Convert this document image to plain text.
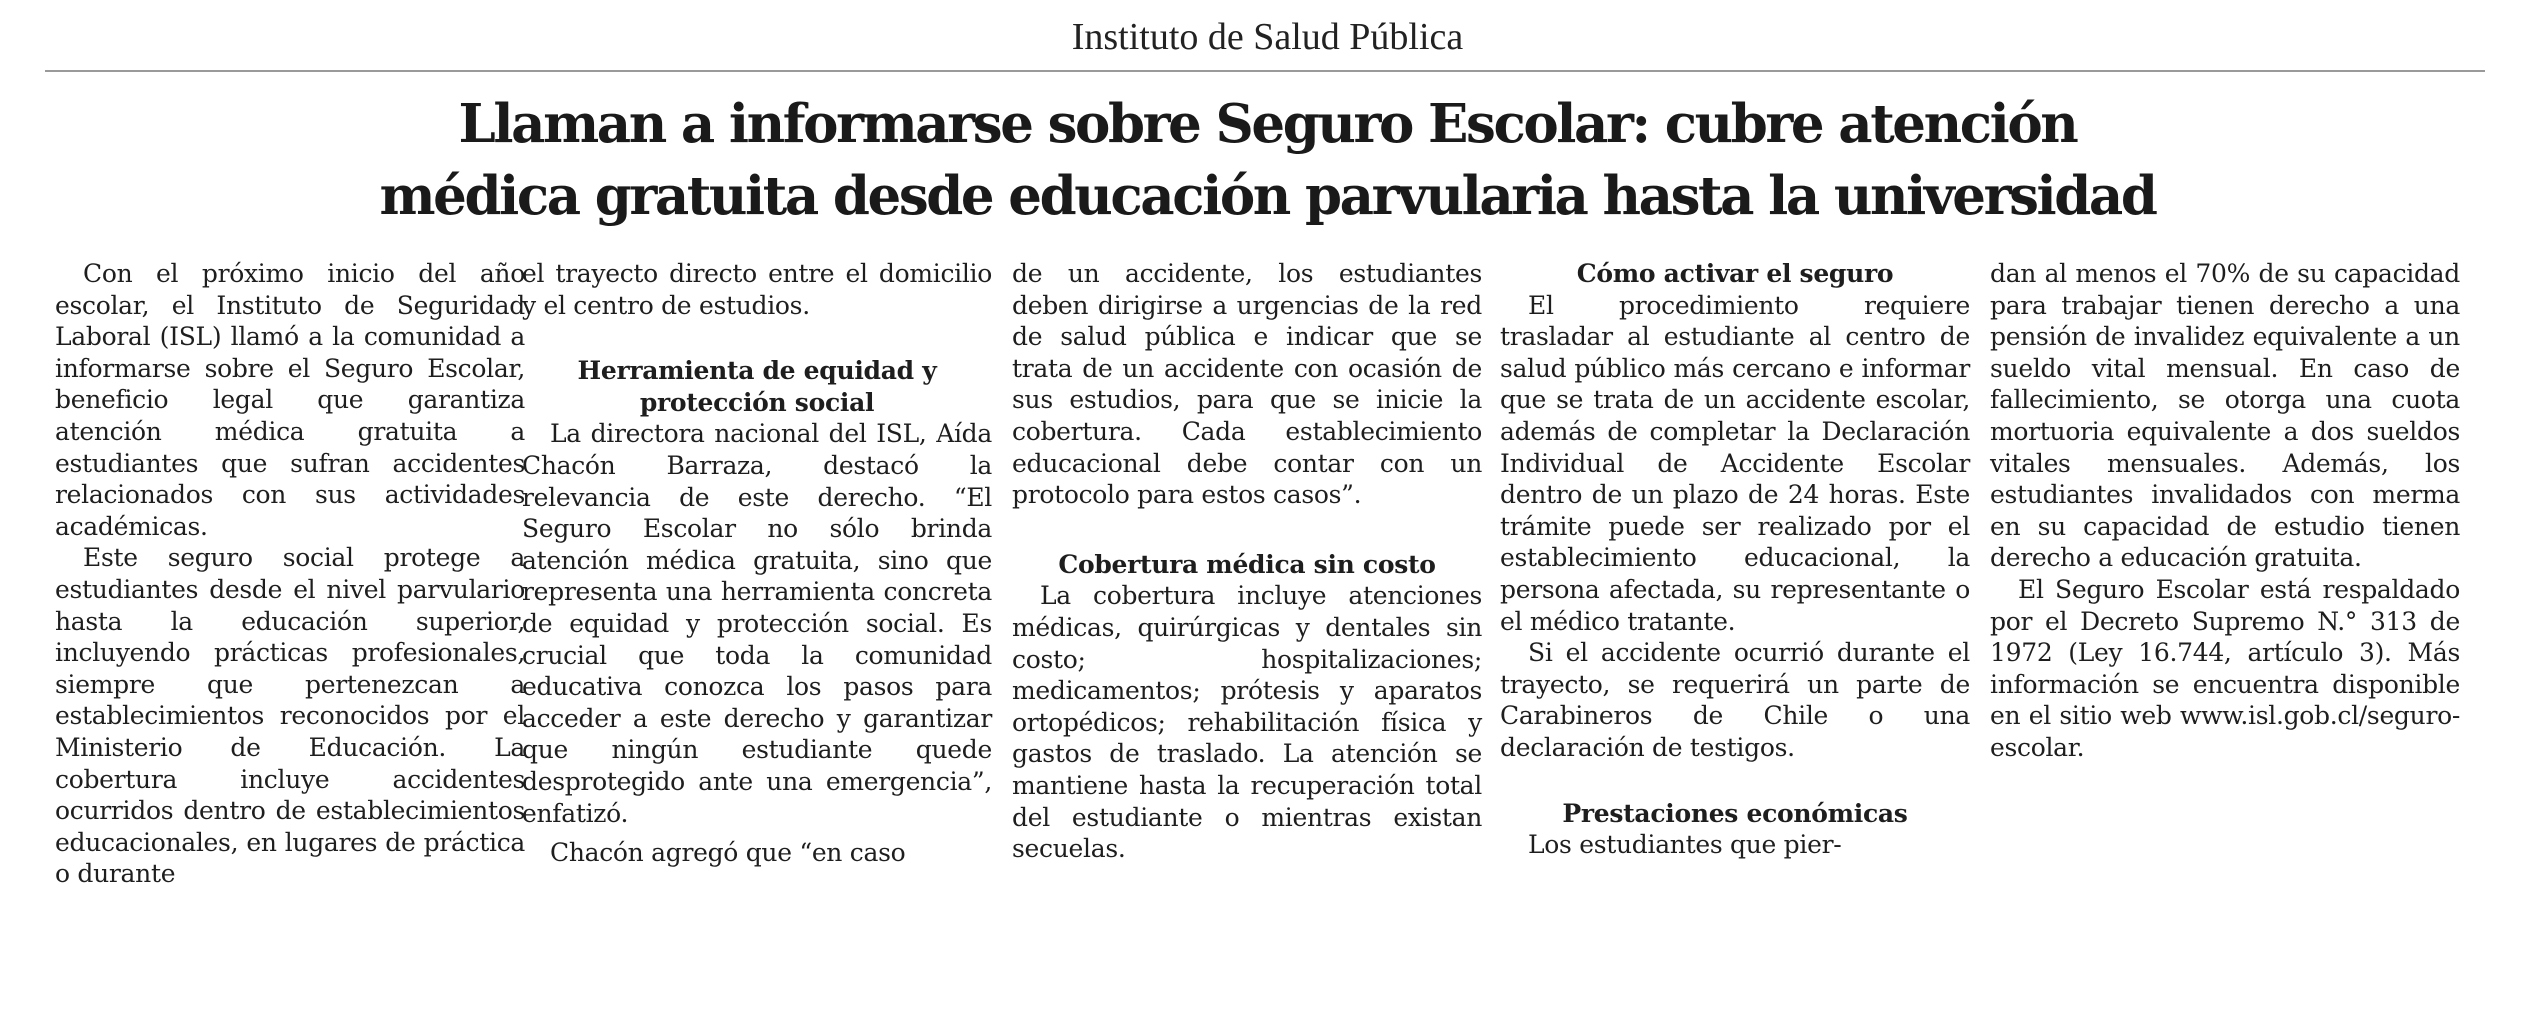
Instituto de Salud Pública
Llaman a informarse sobre Seguro Escolar: cubre atención
médica gratuita desde educación parvularia hasta la universidad

Con el próximo inicio del año escolar, el Instituto de Seguridad Laboral (ISL) llamó a la comunidad a informarse sobre el Seguro Escolar, beneficio legal que garantiza atención médica gratuita a estudiantes que sufran accidentes relacionados con sus actividades académicas.

Este seguro social protege a estudiantes desde el nivel parvulario hasta la educación superior, incluyendo prácticas profesionales, siempre que pertenezcan a establecimientos reconocidos por el Ministerio de Educación. La cobertura incluye accidentes ocurridos dentro de establecimientos educacionales, en lugares de práctica o durante

el trayecto directo entre el domicilio y el centro de estudios.

Herramienta de equidad y protección social

La directora nacional del ISL, Aída Chacón Barraza, destacó la relevancia de este derecho. “El Seguro Escolar no sólo brinda atención médica gratuita, sino que representa una herramienta concreta de equidad y protección social. Es crucial que toda la comunidad educativa conozca los pasos para acceder a este derecho y garantizar que ningún estudiante quede desprotegido ante una emergencia”, enfatizó.

Chacón agregó que “en caso

de un accidente, los estudiantes deben dirigirse a urgencias de la red de salud pública e indicar que se trata de un accidente con ocasión de sus estudios, para que se inicie la cobertura. Cada establecimiento educacional debe contar con un protocolo para estos casos”.

Cobertura médica sin costo

La cobertura incluye atenciones médicas, quirúrgicas y dentales sin costo; hospitalizaciones; medicamentos; prótesis y aparatos ortopédicos; rehabilitación física y gastos de traslado. La atención se mantiene hasta la recuperación total del estudiante o mientras existan secuelas.

Cómo activar el seguro

El procedimiento requiere trasladar al estudiante al centro de salud público más cercano e informar que se trata de un accidente escolar, además de completar la Declaración Individual de Accidente Escolar dentro de un plazo de 24 horas. Este trámite puede ser realizado por el establecimiento educacional, la persona afectada, su representante o el médico tratante.

Si el accidente ocurrió durante el trayecto, se requerirá un parte de Carabineros de Chile o una declaración de testigos.

Prestaciones económicas

Los estudiantes que pier-

dan al menos el 70% de su capacidad para trabajar tienen derecho a una pensión de invalidez equivalente a un sueldo vital mensual. En caso de fallecimiento, se otorga una cuota mortuoria equivalente a dos sueldos vitales mensuales. Además, los estudiantes invalidados con merma en su capacidad de estudio tienen derecho a educación gratuita.

El Seguro Escolar está respaldado por el Decreto Supremo N.° 313 de 1972 (Ley 16.744, artículo 3). Más información se encuentra disponible en el sitio web www.isl.gob.cl/seguro-escolar.
